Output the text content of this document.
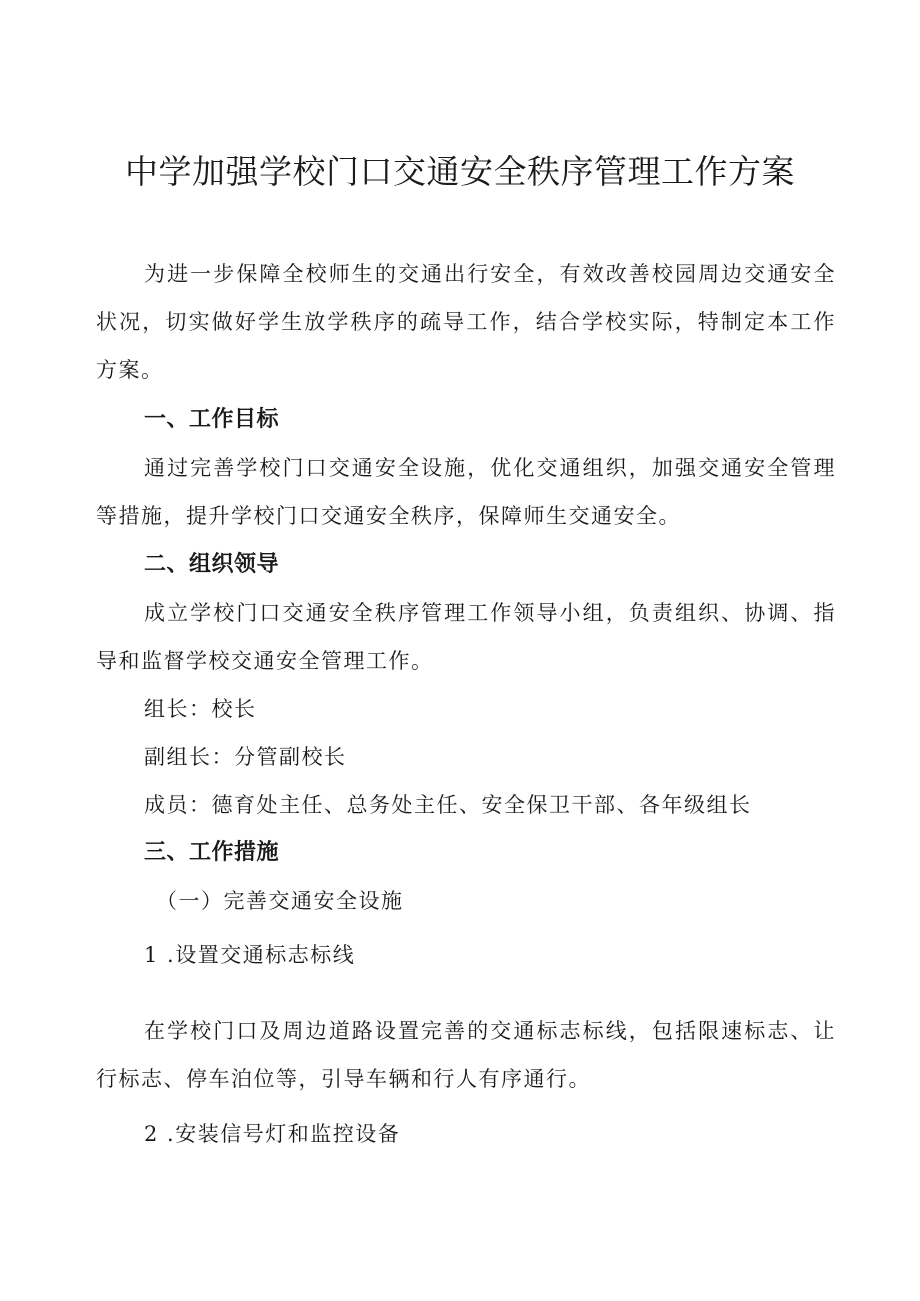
中学加强学校门口交通安全秩序管理工作方案

为进一步保障全校师生的交通出行安全，有效改善校园周边交通安全状况，切实做好学生放学秩序的疏导工作，结合学校实际，特制定本工作方案。

一、工作目标

通过完善学校门口交通安全设施，优化交通组织，加强交通安全管理等措施，提升学校门口交通安全秩序，保障师生交通安全。

二、组织领导

成立学校门口交通安全秩序管理工作领导小组，负责组织、协调、指导和监督学校交通安全管理工作。

组长：校长

副组长：分管副校长

成员：德育处主任、总务处主任、安全保卫干部、各年级组长

三、工作措施

（一）完善交通安全设施

1 .设置交通标志标线

在学校门口及周边道路设置完善的交通标志标线，包括限速标志、让行标志、停车泊位等，引导车辆和行人有序通行。

2 .安装信号灯和监控设备
